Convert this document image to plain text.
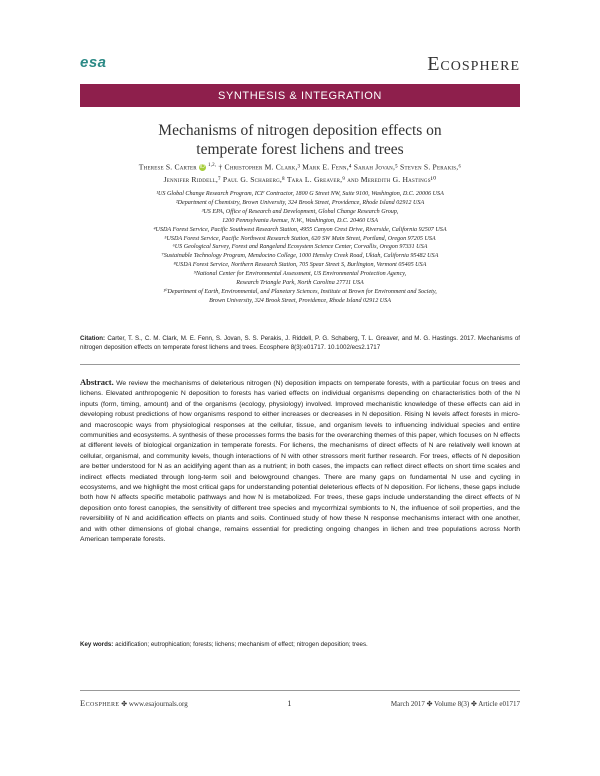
esa	Ecosphere
SYNTHESIS & INTEGRATION
Mechanisms of nitrogen deposition effects on
temperate forest lichens and trees
Therese S. Carter iD $^{1,2,}$ † Christopher M. Clark,³ Mark E. Fenn,⁴ Sarah Jovan,⁵ Steven S. Perakis,⁶
Jennifer Riddell,⁷ Paul G. Schaberg,⁸ Tara L. Greaver,⁹ and Meredith G. Hastings¹⁰
¹US Global Change Research Program, ICF Contractor, 1800 G Street NW, Suite 9100, Washington, D.C. 20006 USA
²Department of Chemistry, Brown University, 324 Brook Street, Providence, Rhode Island 02912 USA
³US EPA, Office of Research and Development, Global Change Research Group,
1200 Pennsylvania Avenue, N.W., Washington, D.C. 20460 USA
⁴USDA Forest Service, Pacific Southwest Research Station, 4955 Canyon Crest Drive, Riverside, California 92507 USA
⁵USDA Forest Service, Pacific Northwest Research Station, 620 SW Main Street, Portland, Oregon 97205 USA
⁶US Geological Survey, Forest and Rangeland Ecosystem Science Center, Corvallis, Oregon 97331 USA
⁷Sustainable Technology Program, Mendocino College, 1000 Hensley Creek Road, Ukiah, California 95482 USA
⁸USDA Forest Service, Northern Research Station, 705 Spear Street S, Burlington, Vermont 05405 USA
⁹National Center for Environmental Assessment, US Environmental Protection Agency,
Research Triangle Park, North Carolina 27711 USA
¹⁰Department of Earth, Environmental, and Planetary Sciences, Institute at Brown for Environment and Society,
Brown University, 324 Brook Street, Providence, Rhode Island 02912 USA
Citation: Carter, T. S., C. M. Clark, M. E. Fenn, S. Jovan, S. S. Perakis, J. Riddell, P. G. Schaberg, T. L. Greaver, and M. G. Hastings. 2017. Mechanisms of nitrogen deposition effects on temperate forest lichens and trees. Ecosphere 8(3):e01717. 10.1002/ecs2.1717
Abstract. We review the mechanisms of deleterious nitrogen (N) deposition impacts on temperate forests, with a particular focus on trees and lichens. Elevated anthropogenic N deposition to forests has varied effects on individual organisms depending on characteristics both of the N inputs (form, timing, amount) and of the organisms (ecology, physiology) involved. Improved mechanistic knowledge of these effects can aid in developing robust predictions of how organisms respond to either increases or decreases in N deposition. Rising N levels affect forests in micro- and macroscopic ways from physiological responses at the cellular, tissue, and organism levels to influencing individual species and entire communities and ecosystems. A synthesis of these processes forms the basis for the overarching themes of this paper, which focuses on N effects at different levels of biological organization in temperate forests. For lichens, the mechanisms of direct effects of N are relatively well known at cellular, organismal, and community levels, though interactions of N with other stressors merit further research. For trees, effects of N deposition are better understood for N as an acidifying agent than as a nutrient; in both cases, the impacts can reflect direct effects on short time scales and indirect effects mediated through long-term soil and belowground changes. There are many gaps on fundamental N use and cycling in ecosystems, and we highlight the most critical gaps for understanding potential deleterious effects of N deposition. For lichens, these gaps include both how N affects specific metabolic pathways and how N is metabolized. For trees, these gaps include understanding the direct effects of N deposition onto forest canopies, the sensitivity of different tree species and mycorrhizal symbionts to N, the influence of soil properties, and the reversibility of N and acidification effects on plants and soils. Continued study of how these N response mechanisms interact with one another, and with other dimensions of global change, remains essential for predicting ongoing changes in lichen and tree populations across North American temperate forests.
Key words: acidification; eutrophication; forests; lichens; mechanism of effect; nitrogen deposition; trees.
Ecosphere ✤ www.esajournals.org	1	March 2017 ✤ Volume 8(3) ✤ Article e01717
